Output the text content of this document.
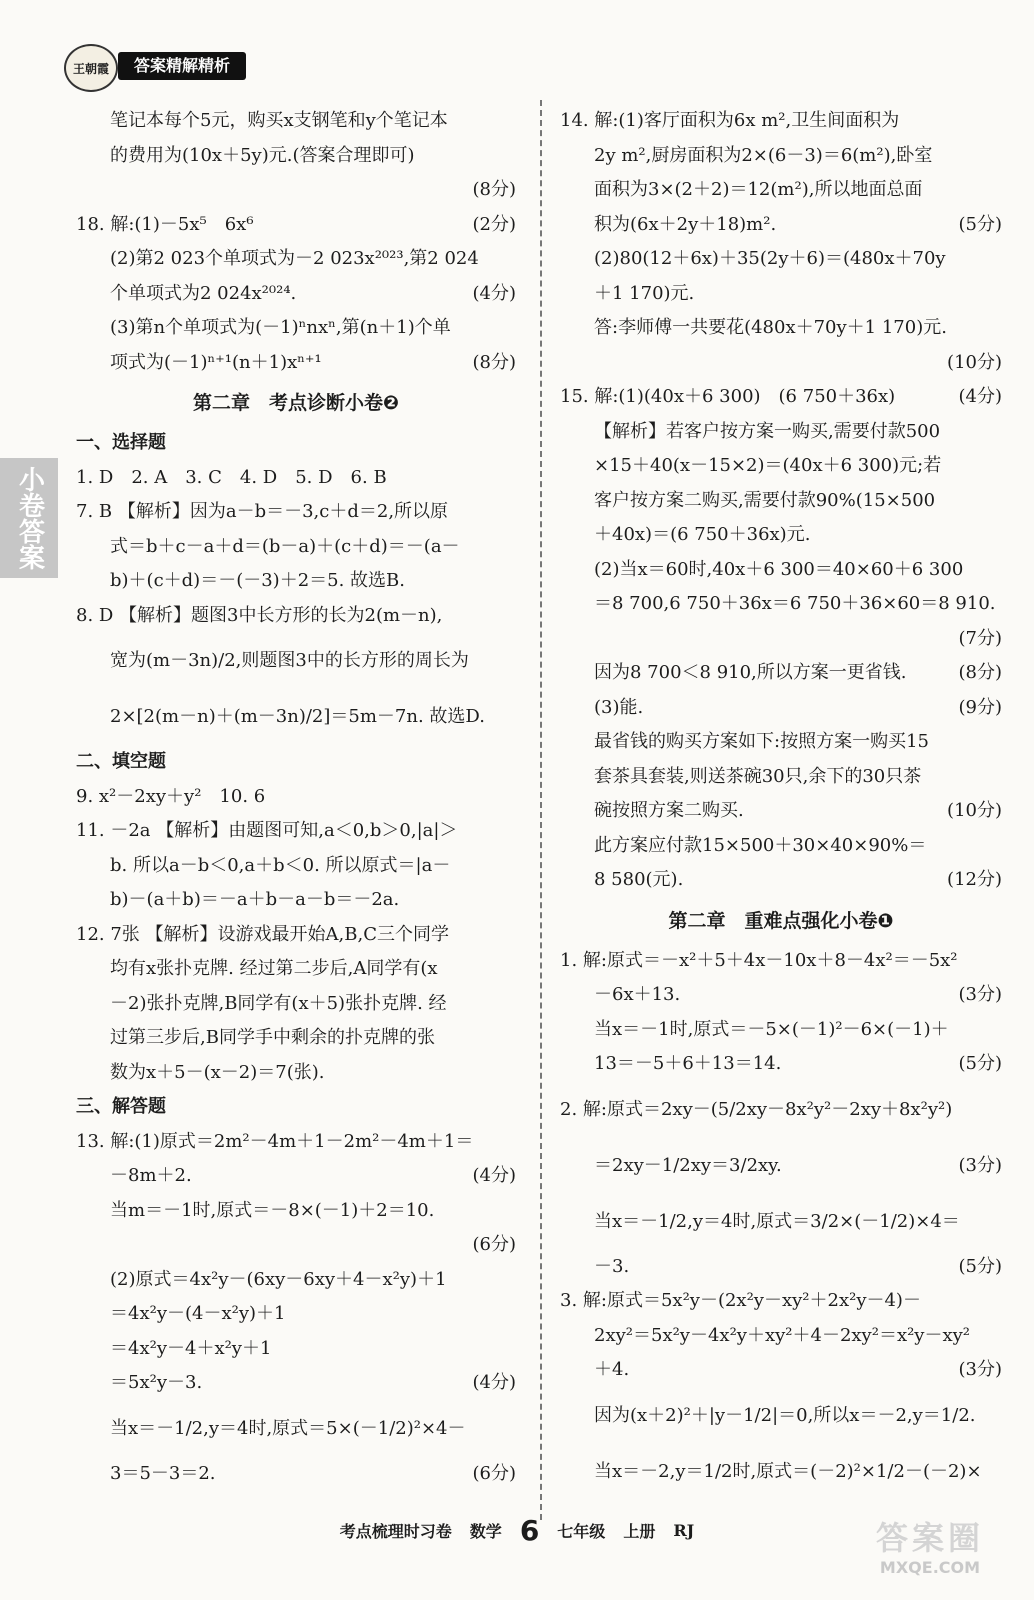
王朝霞	答案精解精析
小卷答案
笔记本每个5元，购买x支钢笔和y个笔记本
的费用为(10x＋5y)元.(答案合理即可)
(8分)
18. 解:(1)－5x⁵　6x⁶	(2分)
(2)第2 023个单项式为－2 023x²⁰²³,第2 024
个单项式为2 024x²⁰²⁴.	(4分)
(3)第n个单项式为(－1)ⁿnxⁿ,第(n＋1)个单
项式为(－1)ⁿ⁺¹(n＋1)xⁿ⁺¹	(8分)
第二章　考点诊断小卷❷
一、选择题
1. D　2. A　3. C　4. D　5. D　6. B
7. B 【解析】因为a－b＝－3,c＋d＝2,所以原
式＝b＋c－a＋d＝(b－a)＋(c＋d)＝－(a－
b)＋(c＋d)＝－(－3)＋2＝5. 故选B.
8. D 【解析】题图3中长方形的长为2(m－n),
宽为(m－3n)/2,则题图3中的长方形的周长为
2×[2(m－n)＋(m－3n)/2]＝5m－7n. 故选D.
二、填空题
9. x²－2xy＋y²　10. 6
11. －2a 【解析】由题图可知,a＜0,b＞0,|a|＞
b. 所以a－b＜0,a＋b＜0. 所以原式＝|a－
b)－(a＋b)＝－a＋b－a－b＝－2a.
12. 7张 【解析】设游戏最开始A,B,C三个同学
均有x张扑克牌. 经过第二步后,A同学有(x
－2)张扑克牌,B同学有(x＋5)张扑克牌. 经
过第三步后,B同学手中剩余的扑克牌的张
数为x＋5－(x－2)＝7(张).
三、解答题
13. 解:(1)原式＝2m²－4m＋1－2m²－4m＋1＝
－8m＋2.	(4分)
当m＝－1时,原式＝－8×(－1)＋2＝10.
(6分)
(2)原式＝4x²y－(6xy－6xy＋4－x²y)＋1
＝4x²y－(4－x²y)＋1
＝4x²y－4＋x²y＋1
＝5x²y－3.	(4分)
当x＝－1/2,y＝4时,原式＝5×(－1/2)²×4－
3＝5－3＝2.	(6分)
14. 解:(1)客厅面积为6x m²,卫生间面积为
2y m²,厨房面积为2×(6－3)＝6(m²),卧室
面积为3×(2＋2)＝12(m²),所以地面总面
积为(6x＋2y＋18)m².	(5分)
(2)80(12＋6x)＋35(2y＋6)＝(480x＋70y
＋1 170)元.
答:李师傅一共要花(480x＋70y＋1 170)元.
(10分)
15. 解:(1)(40x＋6 300)　(6 750＋36x)	(4分)
【解析】若客户按方案一购买,需要付款500
×15＋40(x－15×2)＝(40x＋6 300)元;若
客户按方案二购买,需要付款90%(15×500
＋40x)＝(6 750＋36x)元.
(2)当x＝60时,40x＋6 300＝40×60＋6 300
＝8 700,6 750＋36x＝6 750＋36×60＝8 910.
(7分)
因为8 700＜8 910,所以方案一更省钱.	(8分)
(3)能.	(9分)
最省钱的购买方案如下:按照方案一购买15
套茶具套装,则送茶碗30只,余下的30只茶
碗按照方案二购买.	(10分)
此方案应付款15×500＋30×40×90%＝
8 580(元).	(12分)
第二章　重难点强化小卷❶
1. 解:原式＝－x²＋5＋4x－10x＋8－4x²＝－5x²
－6x＋13.	(3分)
当x＝－1时,原式＝－5×(－1)²－6×(－1)＋
13＝－5＋6＋13＝14.	(5分)
2. 解:原式＝2xy－(5/2xy－8x²y²－2xy＋8x²y²)
＝2xy－1/2xy＝3/2xy.	(3分)
当x＝－1/2,y＝4时,原式＝3/2×(－1/2)×4＝
－3.	(5分)
3. 解:原式＝5x²y－(2x²y－xy²＋2x²y－4)－
2xy²＝5x²y－4x²y＋xy²＋4－2xy²＝x²y－xy²
＋4.	(3分)
因为(x＋2)²＋|y－1/2|＝0,所以x＝－2,y＝1/2.
当x＝－2,y＝1/2时,原式＝(－2)²×1/2－(－2)×
考点梳理时习卷 数学 6 七年级 上册 RJ	答案圈
MXQE.COM
